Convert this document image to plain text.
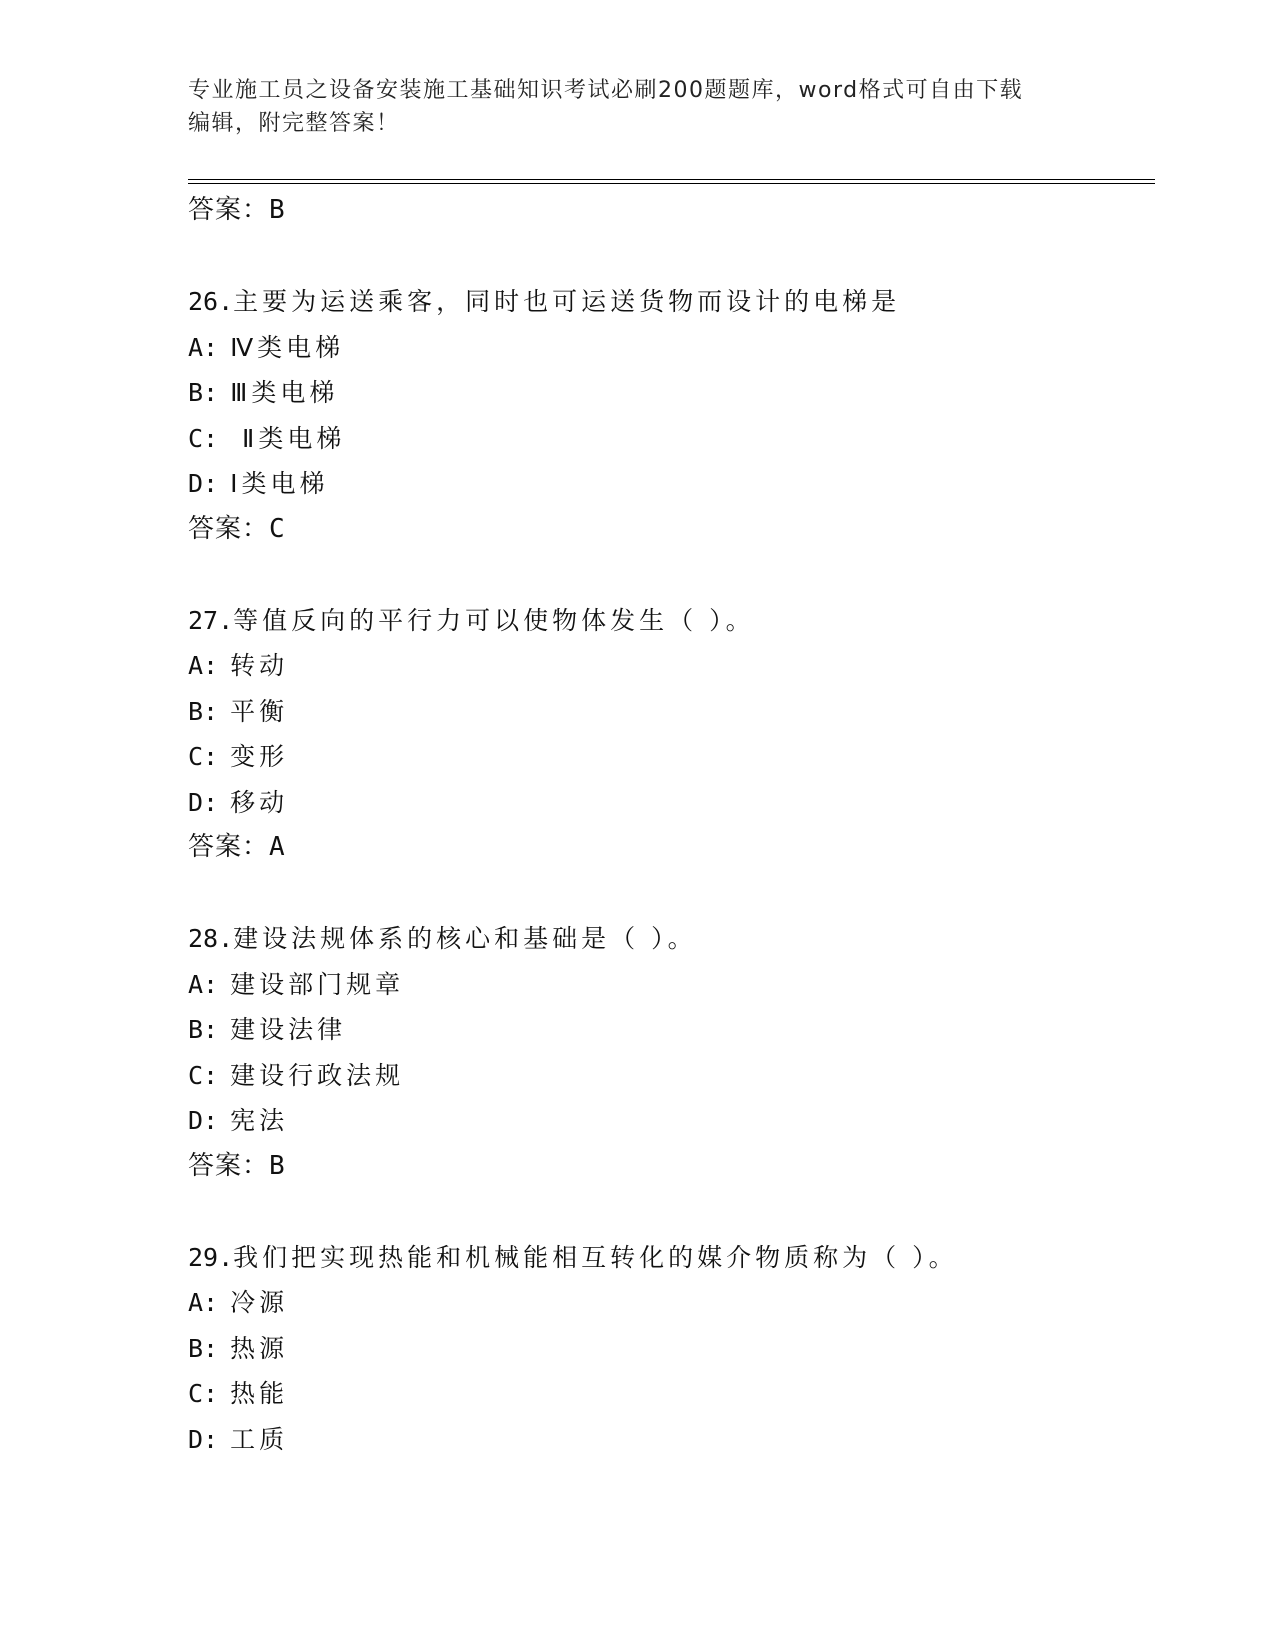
专业施工员之设备安装施工基础知识考试必刷200题题库，word格式可自由下载
编辑，附完整答案！
答案：B
26.主要为运送乘客，同时也可运送货物而设计的电梯是
A: Ⅳ类电梯
B: Ⅲ类电梯
C: Ⅱ类电梯
D: Ⅰ类电梯
答案：C
27.等值反向的平行力可以使物体发生（ ）。
A: 转动
B: 平衡
C: 变形
D: 移动
答案：A
28.建设法规体系的核心和基础是（ ）。
A: 建设部门规章
B: 建设法律
C: 建设行政法规
D: 宪法
答案：B
29.我们把实现热能和机械能相互转化的媒介物质称为（ ）。
A: 冷源
B: 热源
C: 热能
D: 工质
